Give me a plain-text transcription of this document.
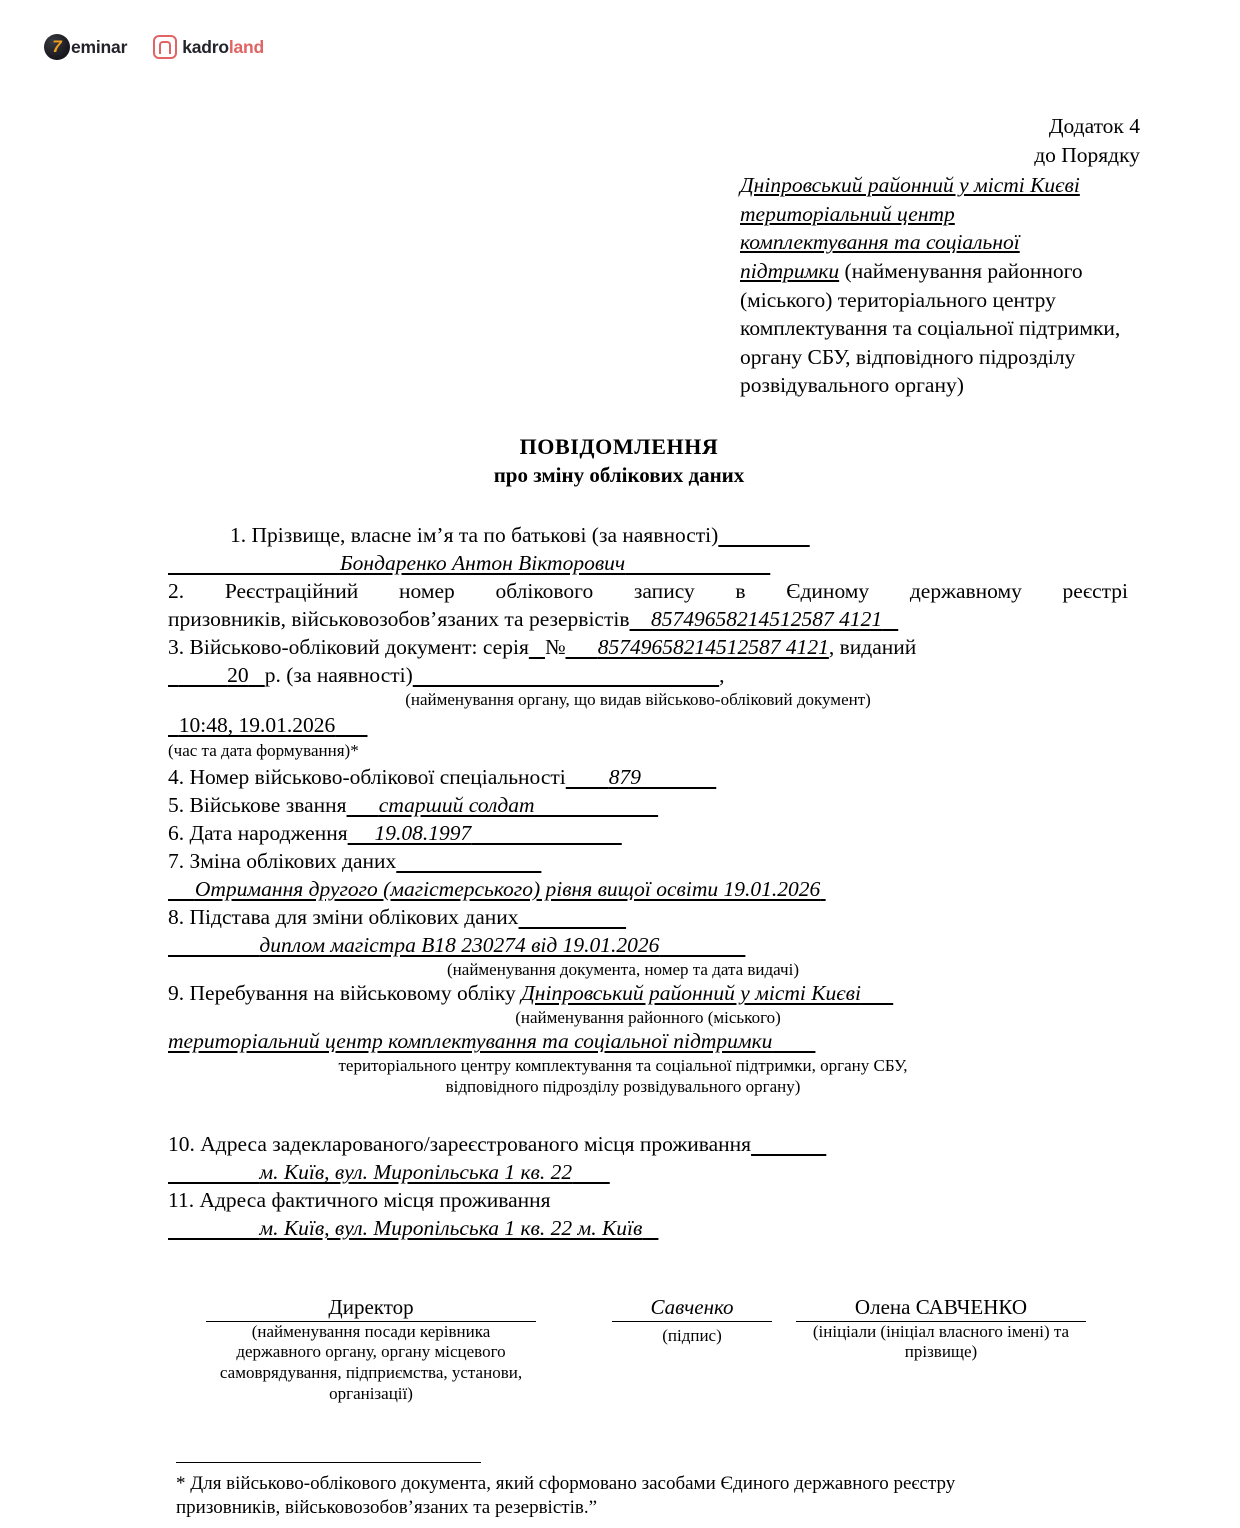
7 eminar	kadroland
Додаток 4
до Порядку
Дніпровський районний у місті Києві
територіальний центр
комплектування та соціальної
підтримки (найменування районного
(міського) територіального центру
комплектування та соціальної підтримки,
органу СБУ, відповідного підрозділу
розвідувального органу)
ПОВІДОМЛЕННЯ
про зміну облікових даних
1. Прізвище, власне ім’я та по батькові (за наявності)
Бондаренко Антон Вікторович
2. Реєстраційний номер облікового запису в Єдиному державному реєстрі
призовників, військовозобов’язаних та резервістів 85749658214512587 4121
3. Військово-обліковий документ: серія № 85749658214512587 4121, виданий
20 р. (за наявності)	,
(найменування органу, що видав військово-обліковий документ)
10:48, 19.01.2026
(час та дата формування)*
4. Номер військово-облікової спеціальності 879
5. Військове звання старший солдат
6. Дата народження 19.08.1997
7. Зміна облікових даних
Отримання другого (магістерського) рівня вищої освіти 19.01.2026
8. Підстава для зміни облікових даних
диплом магістра В18 230274 від 19.01.2026
(найменування документа, номер та дата видачі)
9. Перебування на військовому обліку Дніпровський районний у місті Києві
(найменування районного (міського)
територіальний центр комплектування та соціальної підтримки
територіального центру комплектування та соціальної підтримки, органу СБУ,
відповідного підрозділу розвідувального органу)
10. Адреса задекларованого/зареєстрованого місця проживання
м. Київ, вул. Миропільська 1 кв. 22
11. Адреса фактичного місця проживання
м. Київ, вул. Миропільська 1 кв. 22 м. Київ
Директор
(найменування посади керівника
державного органу, органу місцевого
самоврядування, підприємства, установи,
організації)
Савченко
(підпис)
Олена САВЧЕНКО
(ініціали (ініціал власного імені) та
прізвище)
* Для військово-облікового документа, який сформовано засобами Єдиного державного реєстру
призовників, військовозобов’язаних та резервістів.”
